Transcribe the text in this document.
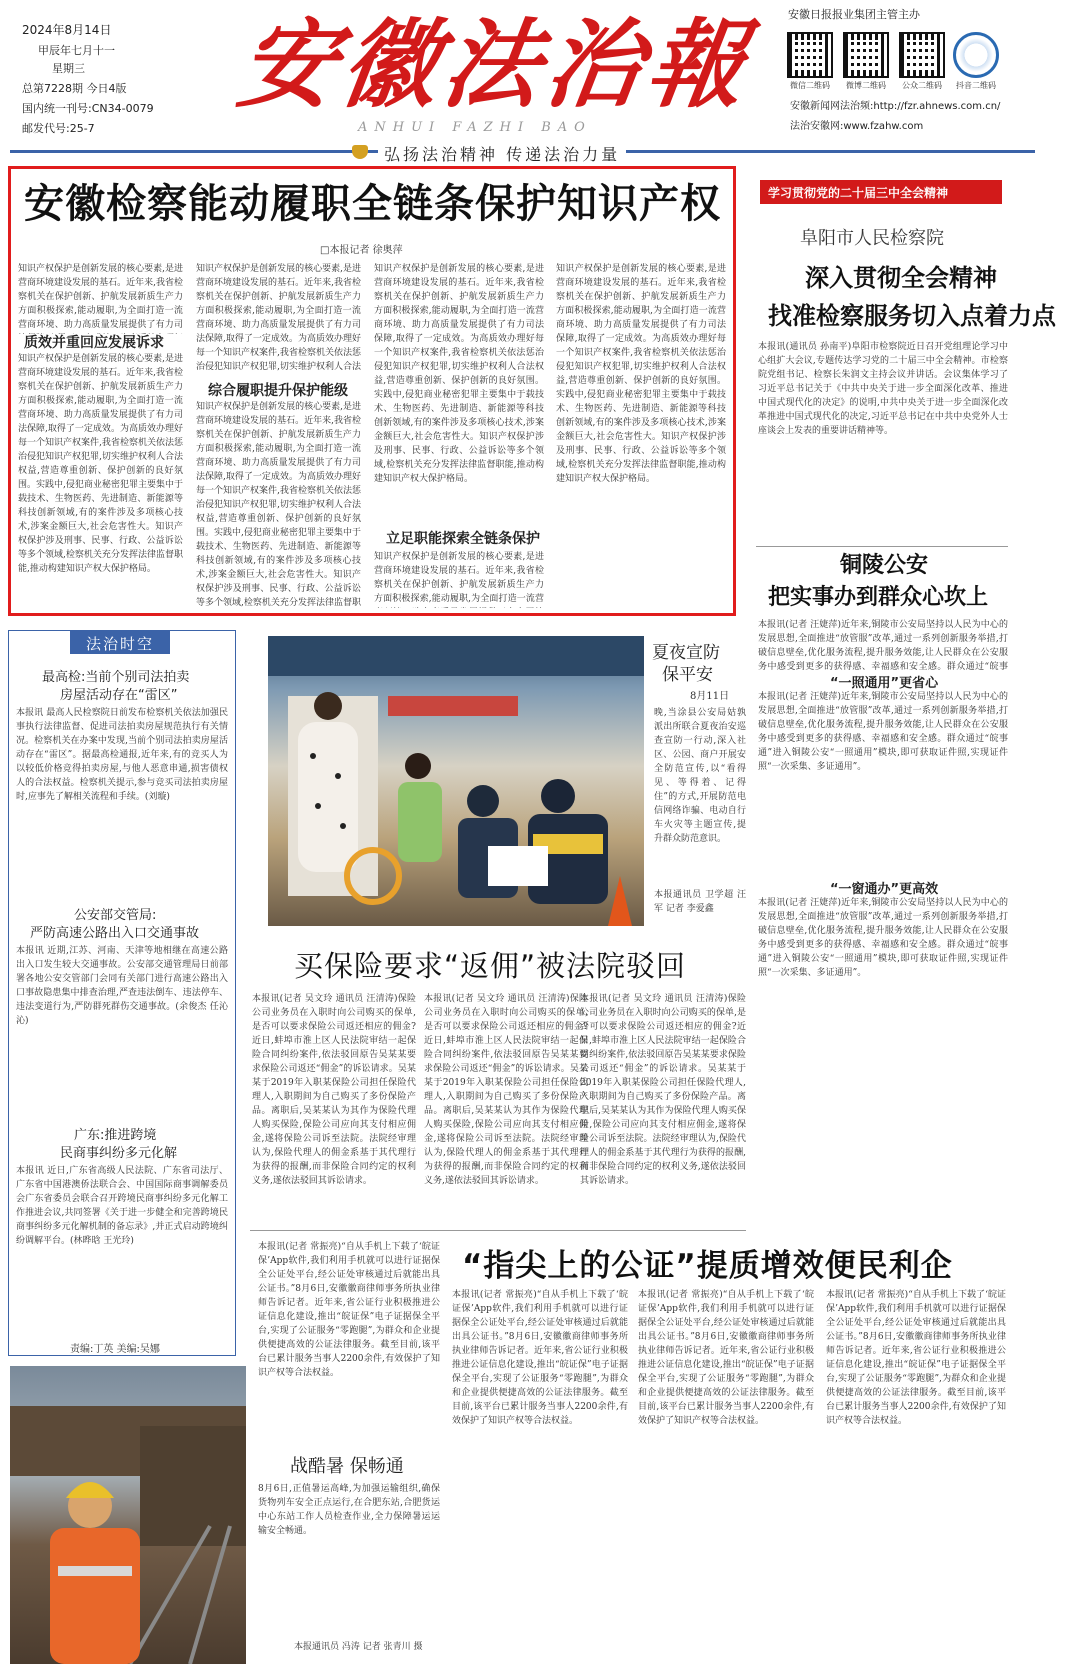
2024年8月14日
甲辰年七月十一
星期三
总第7228期 今日4版
国内统一刊号:CN34-0079
邮发代号:25-7
安徽法治報
ANHUI FAZHI BAO
安徽日报报业集团主管主办
微信二维码	微博二维码	公众二维码	抖音二维码
安徽新闻网法治频:http://fzr.ahnews.com.cn/
法治安徽网:www.fzahw.com
弘扬法治精神 传递法治力量
安徽检察能动履职全链条保护知识产权
□本报记者 徐奥萍
知识产权保护是创新发展的核心要素,是进营商环境建设发展的基石。近年来,我省检察机关在保护创新、护航发展新质生产力方面积极探索,能动履职,为全面打造一流营商环境、助力高质量发展提供了有力司
质效并重回应发展诉求
知识产权保护是创新发展的核心要素,是进营商环境建设发展的基石。近年来,我省检察机关在保护创新、护航发展新质生产力方面积极探索,能动履职,为全面打造一流营商环境、助力高质量发展提供了有力司法保障,取得了一定成效。为高质效办理好每一个知识产权案件,我省检察机关依法惩治侵犯知识产权犯罪,切实维护权利人合法权益,营造尊重创新、保护创新的良好氛围。实践中,侵犯商业秘密犯罪主要集中于载技术、生物医药、先进制造、新能源等科技创新领域,有的案件涉及多项核心技术,涉案金额巨大,社会危害性大。知识产权保护涉及刑事、民事、行政、公益诉讼等多个领域,检察机关充分发挥法律监督职能,推动构建知识产权大保护格局。
知识产权保护是创新发展的核心要素,是进营商环境建设发展的基石。近年来,我省检察机关在保护创新、护航发展新质生产力方面积极探索,能动履职,为全面打造一流营商环境、助力高质量发展提供了有力司法保障,取得了一定成效。为高质效办理好每一个知识产权案件,我省检察机关依法惩治侵犯知识产权犯罪,切实维护权利人合法
综合履职提升保护能级
知识产权保护是创新发展的核心要素,是进营商环境建设发展的基石。近年来,我省检察机关在保护创新、护航发展新质生产力方面积极探索,能动履职,为全面打造一流营商环境、助力高质量发展提供了有力司法保障,取得了一定成效。为高质效办理好每一个知识产权案件,我省检察机关依法惩治侵犯知识产权犯罪,切实维护权利人合法权益,营造尊重创新、保护创新的良好氛围。实践中,侵犯商业秘密犯罪主要集中于载技术、生物医药、先进制造、新能源等科技创新领域,有的案件涉及多项核心技术,涉案金额巨大,社会危害性大。知识产权保护涉及刑事、民事、行政、公益诉讼等多个领域,检察机关充分发挥法律监督职
知识产权保护是创新发展的核心要素,是进营商环境建设发展的基石。近年来,我省检察机关在保护创新、护航发展新质生产力方面积极探索,能动履职,为全面打造一流营商环境、助力高质量发展提供了有力司法保障,取得了一定成效。为高质效办理好每一个知识产权案件,我省检察机关依法惩治侵犯知识产权犯罪,切实维护权利人合法权益,营造尊重创新、保护创新的良好氛围。实践中,侵犯商业秘密犯罪主要集中于载技术、生物医药、先进制造、新能源等科技创新领域,有的案件涉及多项核心技术,涉案金额巨大,社会危害性大。知识产权保护涉及刑事、民事、行政、公益诉讼等多个领域,检察机关充分发挥法律监督职能,推动构建知识产权大保护格局。
立足职能探索全链条保护
知识产权保护是创新发展的核心要素,是进营商环境建设发展的基石。近年来,我省检察机关在保护创新、护航发展新质生产力方面积极探索,能动履职,为全面打造一流营
知识产权保护是创新发展的核心要素,是进营商环境建设发展的基石。近年来,我省检察机关在保护创新、护航发展新质生产力方面积极探索,能动履职,为全面打造一流营商环境、助力高质量发展提供了有力司法保障,取得了一定成效。为高质效办理好每一个知识产权案件,我省检察机关依法惩治侵犯知识产权犯罪,切实维护权利人合法权益,营造尊重创新、保护创新的良好氛围。实践中,侵犯商业秘密犯罪主要集中于载技术、生物医药、先进制造、新能源等科技创新领域,有的案件涉及多项核心技术,涉案金额巨大,社会危害性大。知识产权保护涉及刑事、民事、行政、公益诉讼等多个领域,检察机关充分发挥法律监督职能,推动构建知识产权大保护格局。
学习贯彻党的二十届三中全会精神
阜阳市人民检察院
深入贯彻全会精神
找准检察服务切入点着力点
本报讯(通讯员 孙南平)阜阳市检察院近日召开党组理论学习中心组扩大会议,专题传达学习党的二十届三中全会精神。市检察院党组书记、检察长朱润文主持会议并讲话。会议集体学习了习近平总书记关于《中共中央关于进一步全面深化改革、推进中国式现代化的决定》的说明,中共中央关于进一步全面深化改革推进中国式现代化的决定,习近平总书记在中共中央党外人士座谈会上发表的重要讲话精神等。
铜陵公安
把实事办到群众心坎上
本报讯(记者 汪婕萍)近年来,铜陵市公安局坚持以人民为中心的发展思想,全面推进“放管服”改革,通过一系列创新服务举措,打破信息壁垒,优化服务流程,提升服务效能,让人民群众在公安服务中感受到更多的获得感、幸福感和安全感。群众通过“皖事
“一照通用”更省心
本报讯(记者 汪婕萍)近年来,铜陵市公安局坚持以人民为中心的发展思想,全面推进“放管服”改革,通过一系列创新服务举措,打破信息壁垒,优化服务流程,提升服务效能,让人民群众在公安服务中感受到更多的获得感、幸福感和安全感。群众通过“皖事通”进入铜陵公安“一照通用”模块,即可获取证件照,实现证件照“一次采集、多证通用”。
“一窗通办”更高效
本报讯(记者 汪婕萍)近年来,铜陵市公安局坚持以人民为中心的发展思想,全面推进“放管服”改革,通过一系列创新服务举措,打破信息壁垒,优化服务流程,提升服务效能,让人民群众在公安服务中感受到更多的获得感、幸福感和安全感。群众通过“皖事通”进入铜陵公安“一照通用”模块,即可获取证件照,实现证件照“一次采集、多证通用”。
法治时空
最高检:当前个别司法拍卖
房屋活动存在“雷区”
本报讯 最高人民检察院日前发布检察机关依法加强民事执行法律监督、促进司法拍卖房屋规范执行有关情况。检察机关在办案中发现,当前个别司法拍卖房屋活动存在“雷区”。据最高检通报,近年来,有的竞买人为以较低价格竞得拍卖房屋,与他人恶意串通,损害债权人的合法权益。检察机关提示,参与竞买司法拍卖房屋时,应事先了解相关流程和手续。(刘璇)
公安部交管局:
严防高速公路出入口交通事故
本报讯 近期,江苏、河南、天津等地相继在高速公路出入口发生较大交通事故。公安部交通管理局日前部署各地公安交管部门会同有关部门进行高速公路出入口事故隐患集中排查治理,严查违法倒车、违法停车、违法变道行为,严防群死群伤交通事故。(余俊杰 任沁沁)
广东:推进跨境
民商事纠纷多元化解
本报讯 近日,广东省高级人民法院、广东省司法厅、广东省中国港澳侨法联合会、中国国际商事调解委员会广东省委员会联合召开跨境民商事纠纷多元化解工作推进会议,共同签署《关于进一步健全和完善跨境民商事纠纷多元化解机制的备忘录》,并正式启动跨境纠纷调解平台。(林晔晗 王光玲)
责编:丁英 美编:吴娜
夏夜宣防
保平安
8月11日
晚,当涂县公安局姑孰派出所联合夏夜治安巡查宣防一行动,深入社区、公园、商户开展安全防范宣传,以“看得见、等得着、记得住”的方式,开展防范电信网络诈骗、电动自行车火灾等主题宣传,提升群众防范意识。
本报通讯员 卫学超 汪军 记者 李爱鑫
买保险要求“返佣”被法院驳回
本报讯(记者 吴文玲 通讯员 汪清涛)保险公司业务员在入职时向公司购买的保单,是否可以要求保险公司返还相应的佣金?近日,蚌埠市淮上区人民法院审结一起保险合同纠纷案件,依法驳回原告吴某某要求保险公司返还“佣金”的诉讼请求。吴某某于2019年入职某保险公司担任保险代理人,入职期间为自己购买了多份保险产品。离职后,吴某某认为其作为保险代理人购买保险,保险公司应向其支付相应佣金,遂将保险公司诉至法院。法院经审理认为,保险代理人的佣金系基于其代理行为获得的报酬,而非保险合同约定的权利义务,遂依法驳回其诉讼请求。
本报讯(记者 吴文玲 通讯员 汪清涛)保险公司业务员在入职时向公司购买的保单,是否可以要求保险公司返还相应的佣金?近日,蚌埠市淮上区人民法院审结一起保险合同纠纷案件,依法驳回原告吴某某要求保险公司返还“佣金”的诉讼请求。吴某某于2019年入职某保险公司担任保险代理人,入职期间为自己购买了多份保险产品。离职后,吴某某认为其作为保险代理人购买保险,保险公司应向其支付相应佣金,遂将保险公司诉至法院。法院经审理认为,保险代理人的佣金系基于其代理行为获得的报酬,而非保险合同约定的权利义务,遂依法驳回其诉讼请求。
本报讯(记者 吴文玲 通讯员 汪清涛)保险公司业务员在入职时向公司购买的保单,是否可以要求保险公司返还相应的佣金?近日,蚌埠市淮上区人民法院审结一起保险合同纠纷案件,依法驳回原告吴某某要求保险公司返还“佣金”的诉讼请求。吴某某于2019年入职某保险公司担任保险代理人,入职期间为自己购买了多份保险产品。离职后,吴某某认为其作为保险代理人购买保险,保险公司应向其支付相应佣金,遂将保险公司诉至法院。法院经审理认为,保险代理人的佣金系基于其代理行为获得的报酬,而非保险合同约定的权利义务,遂依法驳回其诉讼请求。
本报讯(记者 常振亮)“自从手机上下载了‘皖证保’App软件,我们利用手机就可以进行证据保全公证处平台,经公证处审核通过后就能出具公证书。”8月6日,安徽徽商律师事务所执业律师告诉记者。近年来,省公证行业积极推进公证信息化建设,推出“皖证保”电子证据保全平台,实现了公证服务“零跑腿”,为群众和企业提供便捷高效的公证法律服务。截至目前,该平台已累计服务当事人2200余件,有效保护了知识产权等合法权益。
“指尖上的公证”提质增效便民利企
本报讯(记者 常振亮)“自从手机上下载了‘皖证保’App软件,我们利用手机就可以进行证据保全公证处平台,经公证处审核通过后就能出具公证书。”8月6日,安徽徽商律师事务所执业律师告诉记者。近年来,省公证行业积极推进公证信息化建设,推出“皖证保”电子证据保全平台,实现了公证服务“零跑腿”,为群众和企业提供便捷高效的公证法律服务。截至目前,该平台已累计服务当事人2200余件,有效保护了知识产权等合法权益。
本报讯(记者 常振亮)“自从手机上下载了‘皖证保’App软件,我们利用手机就可以进行证据保全公证处平台,经公证处审核通过后就能出具公证书。”8月6日,安徽徽商律师事务所执业律师告诉记者。近年来,省公证行业积极推进公证信息化建设,推出“皖证保”电子证据保全平台,实现了公证服务“零跑腿”,为群众和企业提供便捷高效的公证法律服务。截至目前,该平台已累计服务当事人2200余件,有效保护了知识产权等合法权益。
本报讯(记者 常振亮)“自从手机上下载了‘皖证保’App软件,我们利用手机就可以进行证据保全公证处平台,经公证处审核通过后就能出具公证书。”8月6日,安徽徽商律师事务所执业律师告诉记者。近年来,省公证行业积极推进公证信息化建设,推出“皖证保”电子证据保全平台,实现了公证服务“零跑腿”,为群众和企业提供便捷高效的公证法律服务。截至目前,该平台已累计服务当事人2200余件,有效保护了知识产权等合法权益。
战酷暑 保畅通
8月6日,正值暑运高峰,为加强运输组织,确保货物列车安全正点运行,在合肥东站,合肥货运中心东站工作人员检查作业,全力保障暑运运输安全畅通。
本报通讯员 冯涛 记者 张青川 摄
